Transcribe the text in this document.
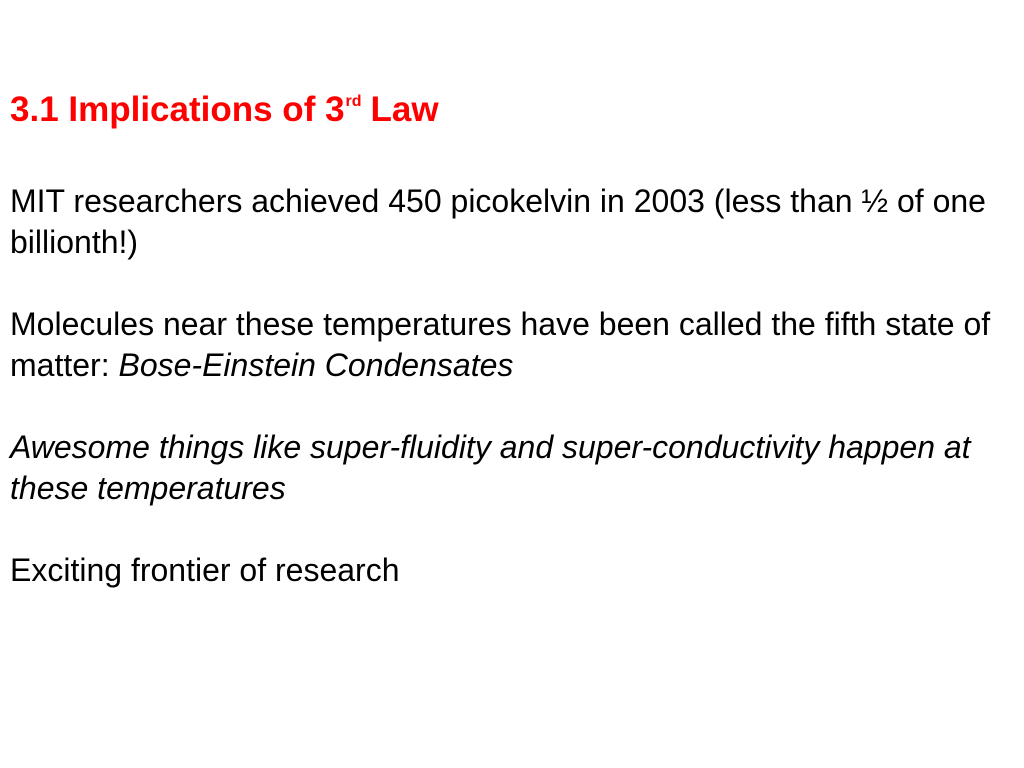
3.1 Implications of 3rd Law

MIT researchers achieved 450 picokelvin in 2003 (less than ½ of one billionth!)

Molecules near these temperatures have been called the fifth state of matter: Bose-Einstein Condensates

Awesome things like super-fluidity and super-conductivity happen at these temperatures

Exciting frontier of research
